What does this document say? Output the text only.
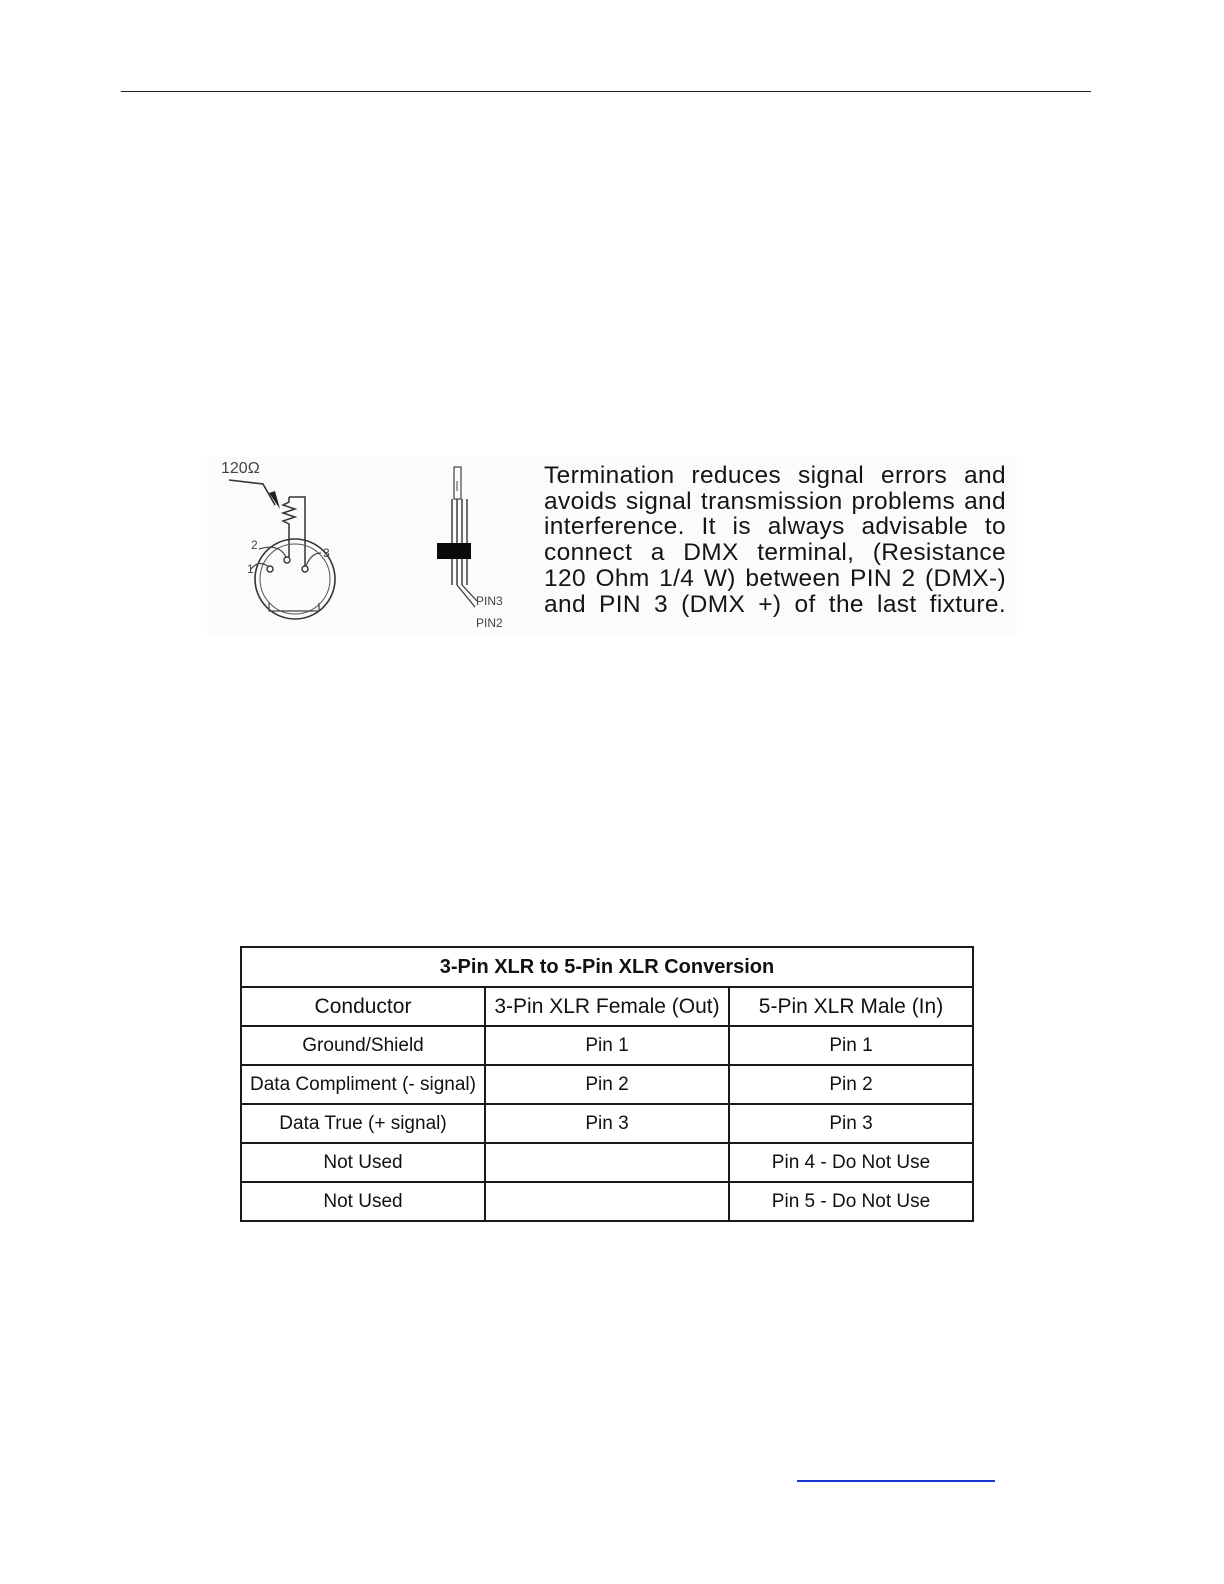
120Ω
2
1
3
PIN3
PIN2
Termination reduces signal errors and avoids signal transmission problems and interference. It is always advisable to connect a DMX terminal, (Resistance 120 Ohm 1/4 W) between PIN 2 (DMX-) and PIN 3 (DMX +) of the last fixture.
3-Pin XLR to 5-Pin XLR Conversion		
Conductor	3-Pin XLR Female (Out)	5-Pin XLR Male (In)
Ground/Shield	Pin 1	Pin 1
Data Compliment (- signal)	Pin 2	Pin 2
Data True (+ signal)	Pin 3	Pin 3
Not Used		Pin 4 - Do Not Use
Not Used		Pin 5 - Do Not Use
